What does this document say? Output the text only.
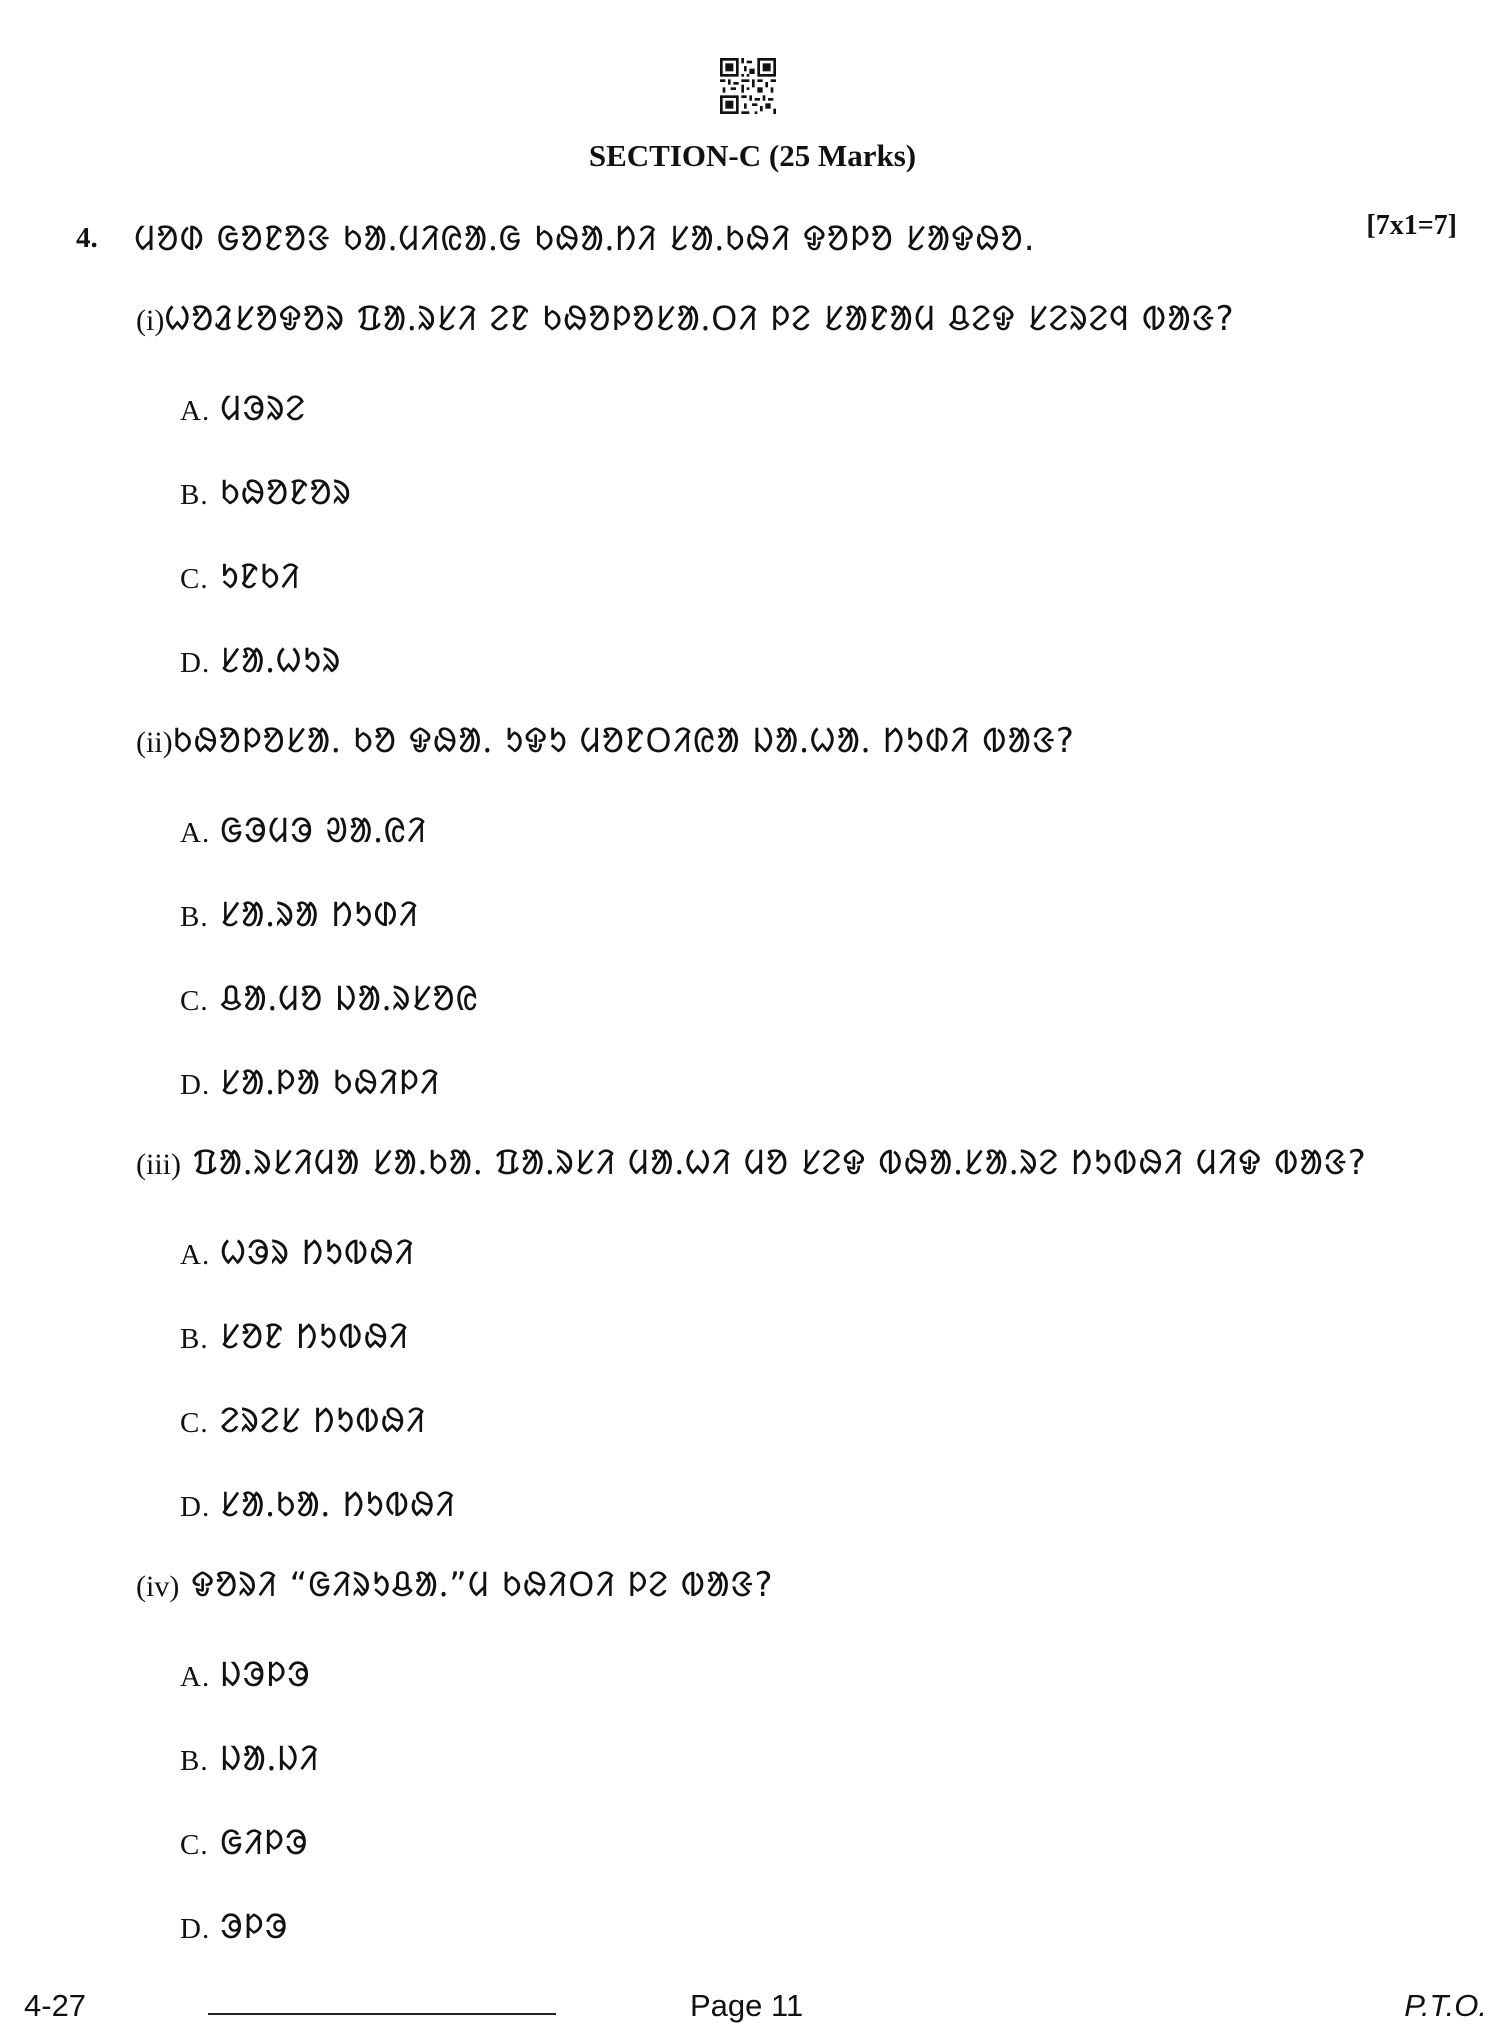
SECTION-C (25 Marks)
4. ᱢᱚᱰ ᱜᱚᱱᱚᱝ ᱠᱟᱹᱢᱤᱭᱟᱹᱜ ᱠᱷᱟᱹᱴᱤ ᱥᱟᱹᱠᱷᱤ ᱫᱚᱞᱚ ᱥᱟᱫᱷᱚ.	[7x1=7]
(i)ᱦᱚᱲᱥᱚᱫᱚᱨ ᱯᱟᱹᱨᱥᱤ ᱮᱱ ᱠᱷᱚᱞᱚᱥᱟᱹᱛᱤ ᱞᱮ ᱥᱟᱱᱟᱢ ᱪᱮᱫ ᱥᱮᱨᱮᱧ ᱵᱟᱝ?
A. ᱢᱳᱨᱮ
B. ᱠᱷᱚᱱᱚᱨ
C. ᱩᱱᱠᱤ
D. ᱥᱟᱹᱦᱩᱨ
(ii)ᱠᱷᱚᱞᱚᱥᱟᱹ ᱠᱚ ᱫᱷᱟᱹ ᱩᱫᱩ ᱢᱚᱱᱛᱤᱭᱟ ᱡᱟᱹᱦᱟᱹ ᱴᱩᱰᱤ ᱵᱟᱝ?
A. ᱜᱳᱢᱳ ᱣᱟᱹᱭᱤ
B. ᱥᱟᱹᱨᱟ ᱴᱩᱰᱤ
C. ᱪᱟᱹᱢᱚ ᱡᱟᱹᱨᱥᱚᱭ
D. ᱥᱟᱹᱞᱟ ᱠᱷᱤᱞᱤ
(iii) ᱯᱟᱹᱨᱥᱤᱢᱟ ᱥᱟᱹᱠᱟᱹ ᱯᱟᱹᱨᱥᱤ ᱢᱟᱹᱦᱤ ᱢᱚ ᱥᱮᱫ ᱵᱷᱟᱹᱥᱟᱹᱨᱮ ᱴᱩᱵᱷᱤ ᱢᱤᱫ ᱵᱟᱝ?
A. ᱦᱳᱨ ᱴᱩᱵᱷᱤ
B. ᱥᱚᱱ ᱴᱩᱵᱷᱤ
C. ᱮᱨᱮᱥ ᱴᱩᱵᱷᱤ
D. ᱥᱟᱹᱠᱟᱹ ᱴᱩᱵᱷᱤ
(iv) ᱫᱚᱨᱤ “ᱜᱤᱨᱩᱪᱟᱹ”ᱢ ᱠᱷᱤᱛᱤ ᱞᱮ ᱵᱟᱝ?
A. ᱡᱳᱞᱳ
B. ᱡᱟᱹᱡᱤ
C. ᱜᱤᱞᱳ
D. ᱳᱞᱳ
4-27	Page 11	P.T.O.
